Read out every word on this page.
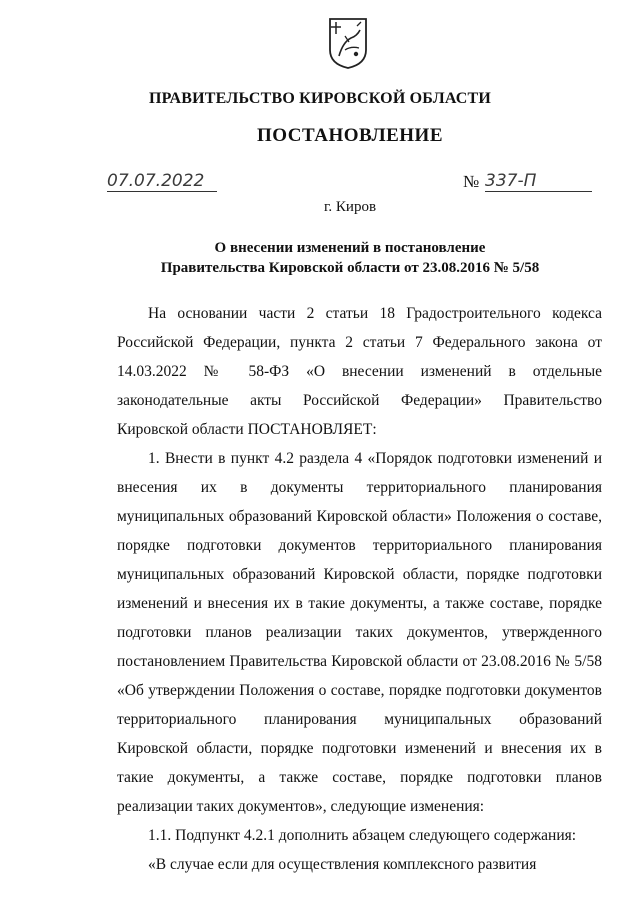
ПРАВИТЕЛЬСТВО КИРОВСКОЙ ОБЛАСТИ
ПОСТАНОВЛЕНИЕ
07.07.2022	№ 337-П
г. Киров
О внесении изменений в постановление
Правительства Кировской области от 23.08.2016 № 5/58

На основании части 2 статьи 18 Градостроительного кодекса Российской Федерации, пункта 2 статьи 7 Федерального закона от 14.03.2022 № 58-ФЗ «О внесении изменений в отдельные законодательные акты Российской Федерации» Правительство Кировской области ПОСТАНОВЛЯЕТ:

1. Внести в пункт 4.2 раздела 4 «Порядок подготовки изменений и внесения их в документы территориального планирования муниципальных образований Кировской области» Положения о составе, порядке подготовки документов территориального планирования муниципальных образований Кировской области, порядке подготовки изменений и внесения их в такие документы, а также составе, порядке подготовки планов реализации таких документов, утвержденного постановлением Правительства Кировской области от 23.08.2016 № 5/58 «Об утверждении Положения о составе, порядке подготовки документов территориального планирования муниципальных образований Кировской области, порядке подготовки изменений и внесения их в такие документы, а также составе, порядке подготовки планов реализации таких документов», следующие изменения:

1.1. Подпункт 4.2.1 дополнить абзацем следующего содержания:

«В случае если для осуществления комплексного развития
